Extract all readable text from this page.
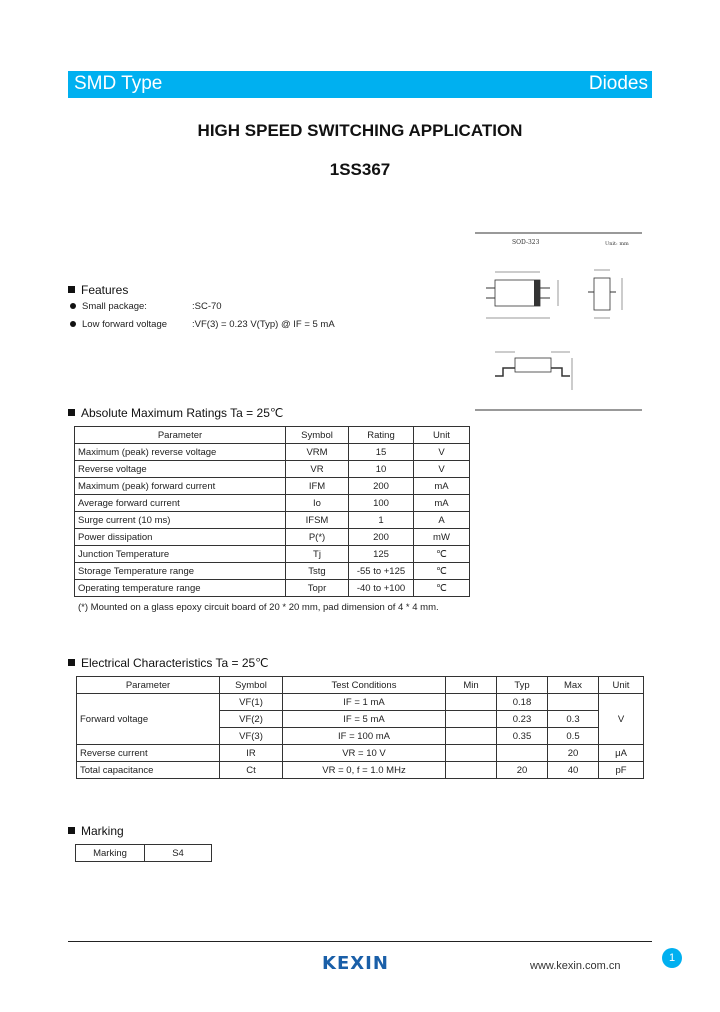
SMD Type	Diodes
HIGH SPEED SWITCHING APPLICATION
1SS367
SOD-323	Unit: mm
Features
Small package:	:SC-70
Low forward voltage	:VF(3) = 0.23 V(Typ) @ IF = 5 mA
Absolute Maximum Ratings Ta = 25℃
Parameter	Symbol	Rating	Unit
Maximum (peak) reverse voltage	VRM	15	V
Reverse voltage	VR	10	V
Maximum (peak) forward current	IFM	200	mA
Average forward current	Io	100	mA
Surge current (10 ms)	IFSM	1	A
Power dissipation	P(*)	200	mW
Junction Temperature	Tj	125	℃
Storage Temperature range	Tstg	-55 to +125	℃
Operating temperature range	Topr	-40 to +100	℃
(*) Mounted on a glass epoxy circuit board of 20 * 20 mm, pad dimension of 4 * 4 mm.
Electrical Characteristics Ta = 25℃
Parameter	Symbol	Test Conditions	Min	Typ	Max	Unit
Forward voltage	VF(1)	IF = 1 mA		0.18		V
	VF(2)	IF = 5 mA		0.23	0.3	
	VF(3)	IF = 100 mA		0.35	0.5	
Reverse current	IR	VR = 10 V			20	μA
Total capacitance	Ct	VR = 0, f = 1.0 MHz		20	40	pF
Marking
Marking	S4
KEXIN	www.kexin.com.cn
1
